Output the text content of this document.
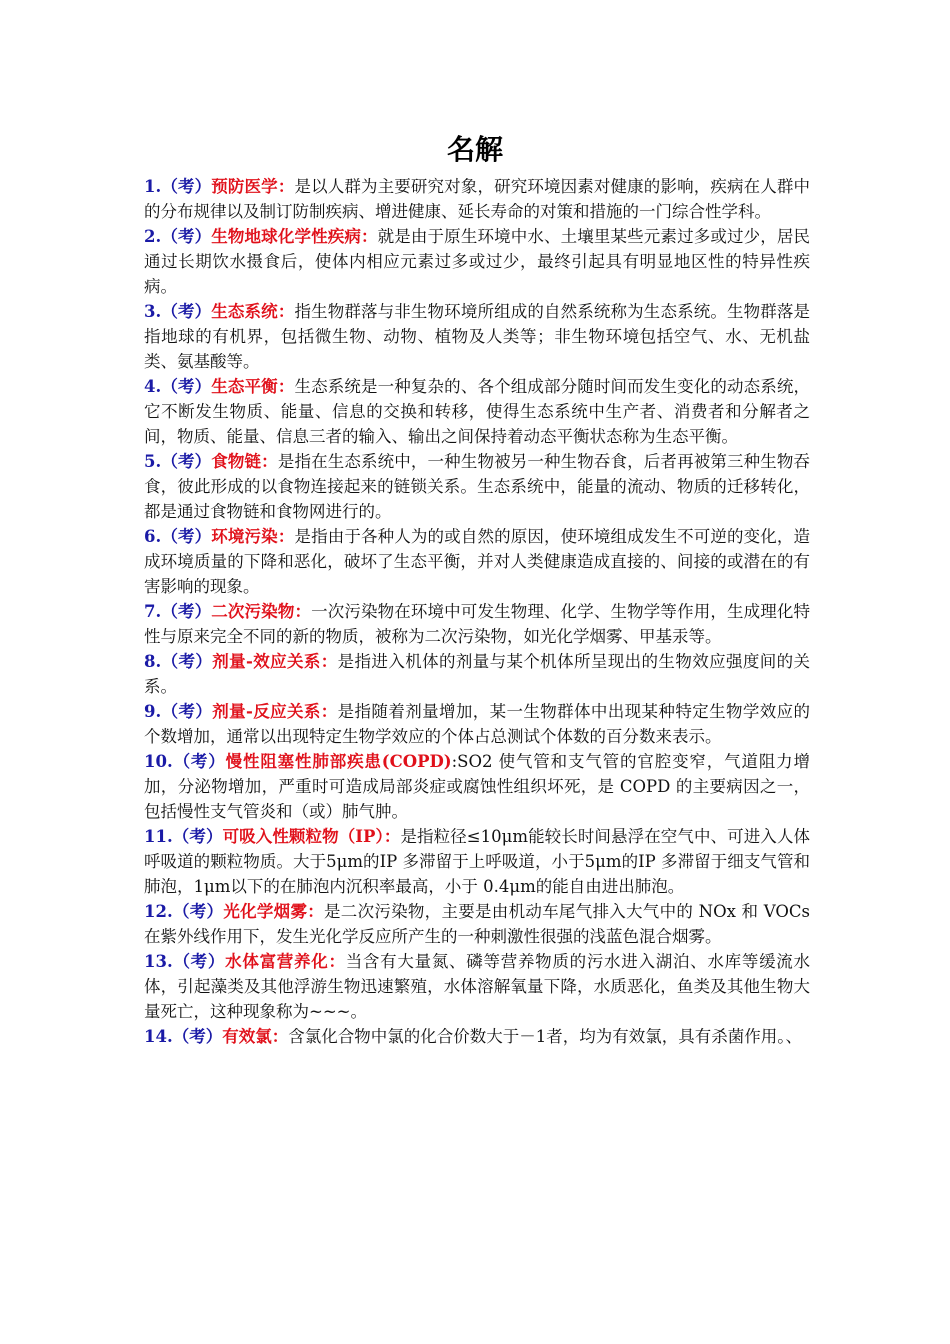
名解
1.（考）预防医学：是以人群为主要研究对象，研究环境因素对健康的影响，疾病在人群中的分布规律以及制订防制疾病、增进健康、延长寿命的对策和措施的一门综合性学科。
2.（考）生物地球化学性疾病：就是由于原生环境中水、土壤里某些元素过多或过少，居民通过长期饮水摄食后，使体内相应元素过多或过少，最终引起具有明显地区性的特异性疾病。
3.（考）生态系统：指生物群落与非生物环境所组成的自然系统称为生态系统。生物群落是指地球的有机界，包括微生物、动物、植物及人类等；非生物环境包括空气、水、无机盐类、氨基酸等。
4.（考）生态平衡：生态系统是一种复杂的、各个组成部分随时间而发生变化的动态系统，它不断发生物质、能量、信息的交换和转移，使得生态系统中生产者、消费者和分解者之间，物质、能量、信息三者的输入、输出之间保持着动态平衡状态称为生态平衡。
5.（考）食物链：是指在生态系统中，一种生物被另一种生物吞食，后者再被第三种生物吞食，彼此形成的以食物连接起来的链锁关系。生态系统中，能量的流动、物质的迁移转化，都是通过食物链和食物网进行的。
6.（考）环境污染：是指由于各种人为的或自然的原因，使环境组成发生不可逆的变化，造成环境质量的下降和恶化，破坏了生态平衡，并对人类健康造成直接的、间接的或潜在的有害影响的现象。
7.（考）二次污染物：一次污染物在环境中可发生物理、化学、生物学等作用，生成理化特性与原来完全不同的新的物质，被称为二次污染物，如光化学烟雾、甲基汞等。
8.（考）剂量-效应关系：是指进入机体的剂量与某个机体所呈现出的生物效应强度间的关系。
9.（考）剂量-反应关系：是指随着剂量增加，某一生物群体中出现某种特定生物学效应的个数增加，通常以出现特定生物学效应的个体占总测试个体数的百分数来表示。
10.（考）慢性阻塞性肺部疾患(COPD):SO2 使气管和支气管的官腔变窄，气道阻力增加，分泌物增加，严重时可造成局部炎症或腐蚀性组织坏死，是 COPD 的主要病因之一，包括慢性支气管炎和（或）肺气肿。
11.（考）可吸入性颗粒物（IP）：是指粒径≤10μm能较长时间悬浮在空气中、可进入人体呼吸道的颗粒物质。大于5μm的IP 多滞留于上呼吸道，小于5μm的IP 多滞留于细支气管和肺泡，1μm以下的在肺泡内沉积率最高，小于 0.4μm的能自由进出肺泡。
12.（考）光化学烟雾：是二次污染物，主要是由机动车尾气排入大气中的 NOx 和 VOCs 在紫外线作用下，发生光化学反应所产生的一种刺激性很强的浅蓝色混合烟雾。
13.（考）水体富营养化：当含有大量氮、磷等营养物质的污水进入湖泊、水库等缓流水体，引起藻类及其他浮游生物迅速繁殖，水体溶解氧量下降，水质恶化，鱼类及其他生物大量死亡，这种现象称为~~~。
14.（考）有效氯：含氯化合物中氯的化合价数大于－1者，均为有效氯，具有杀菌作用。、
